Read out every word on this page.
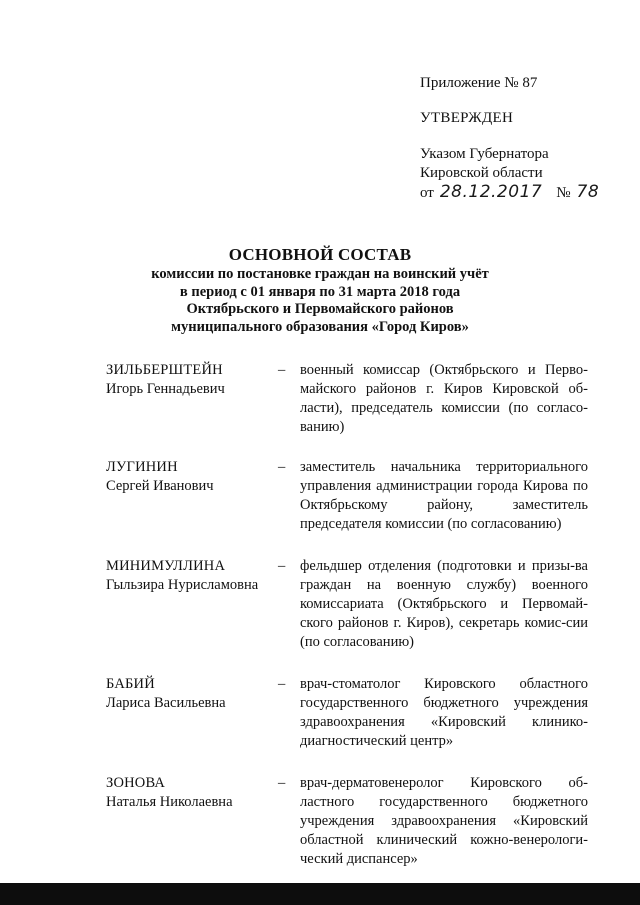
Приложение № 87
УТВЕРЖДЕН
Указом Губернатора
Кировской области
от 28.12.2017 № 78
ОСНОВНОЙ СОСТАВ
комиссии по постановке граждан на воинский учёт
в период с 01 января по 31 марта 2018 года
Октябрьского и Первомайского районов
муниципального образования «Город Киров»
ЗИЛЬБЕРШТЕЙН
Игорь Геннадьевич
–	военный комиссар (Октябрьского и Перво-майского районов г. Киров Кировской об-ласти), председатель комиссии (по согласо-ванию)
ЛУГИНИН
Сергей Иванович
–	заместитель начальника территориального управления администрации города Кирова по Октябрьскому району, заместитель председателя комиссии (по согласованию)
МИНИМУЛЛИНА
Гыльзира Нурисламовна
–	фельдшер отделения (подготовки и призы-ва граждан на военную службу) военного комиссариата (Октябрьского и Первомай-ского районов г. Киров), секретарь комис-сии (по согласованию)
БАБИЙ
Лариса Васильевна
–	врач-стоматолог Кировского областного государственного бюджетного учреждения здравоохранения «Кировский клинико-диагностический центр»
ЗОНОВА
Наталья Николаевна
–	врач-дерматовенеролог Кировского об-ластного государственного бюджетного учреждения здравоохранения «Кировский областной клинический кожно-венерологи-ческий диспансер»
